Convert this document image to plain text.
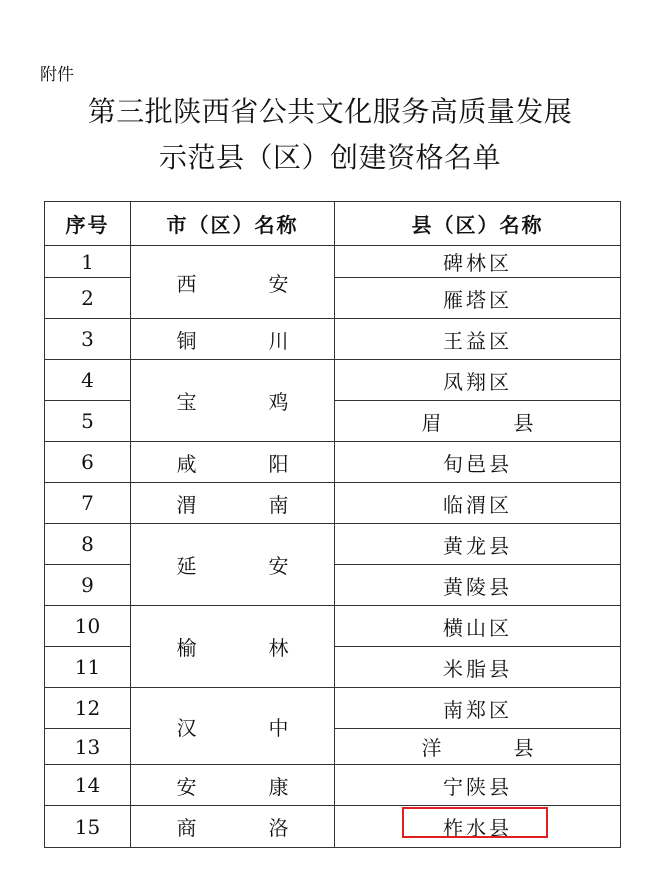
附件
第三批陕西省公共文化服务高质量发展
示范县（区）创建资格名单
序号	市（区）名称	县（区）名称
1	西　安	碑林区
2		雁塔区
3	铜　川	王益区
4	宝　鸡	凤翔区
5		眉　县
6	咸　阳	旬邑县
7	渭　南	临渭区
8	延　安	黄龙县
9		黄陵县
10	榆　林	横山区
11		米脂县
12	汉　中	南郑区
13		洋　县
14	安　康	宁陕县
15	商　洛	柞水县
